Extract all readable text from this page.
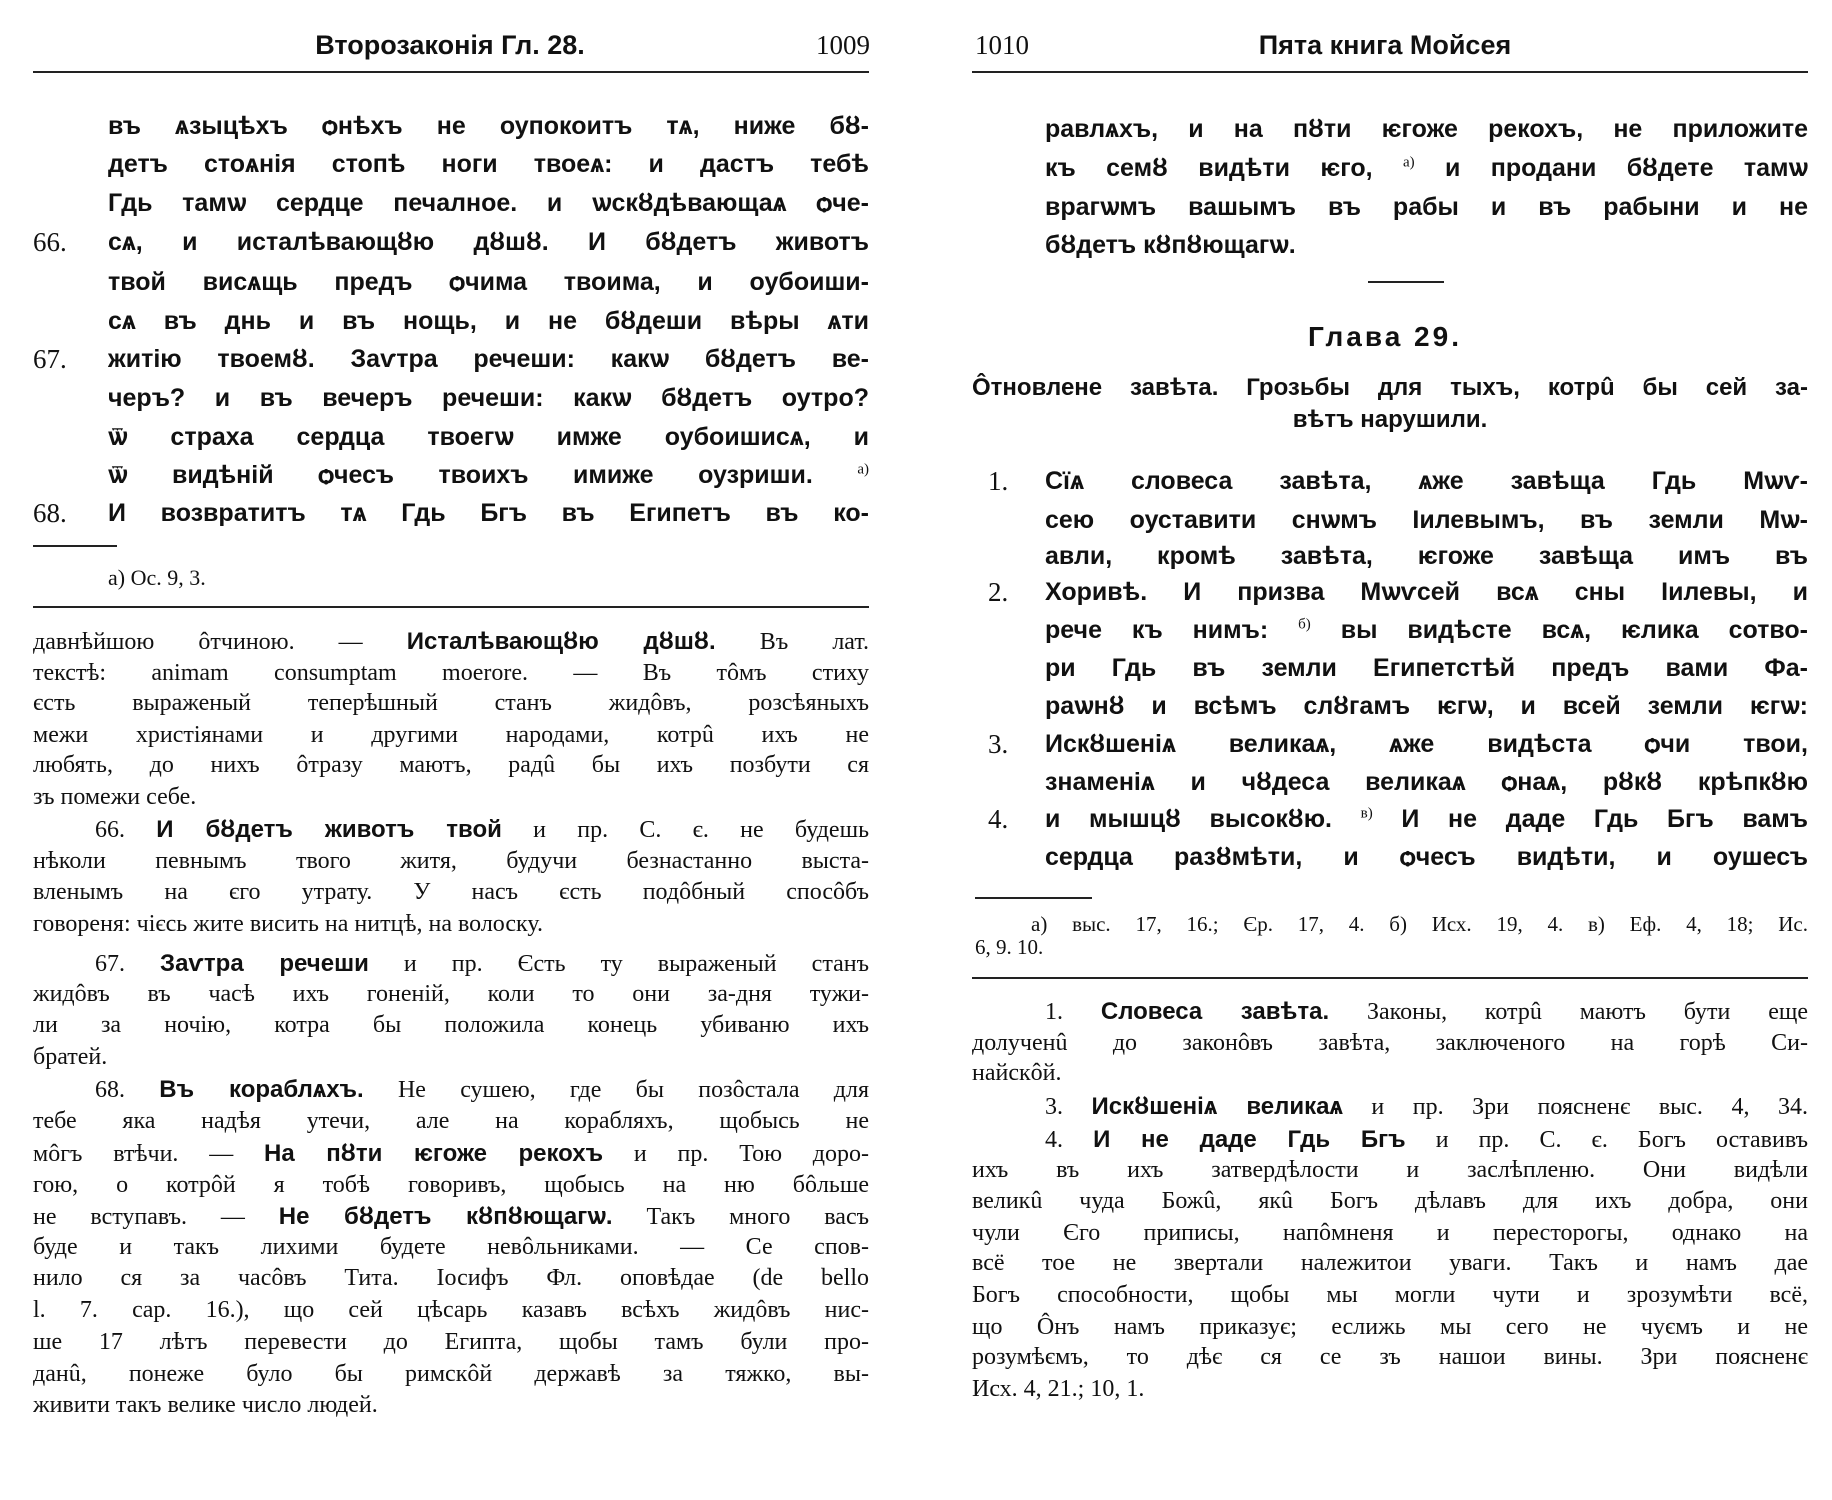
Второзаконія Гл. 28.	1009	1010	Пята книга Мойсея
а) Ос. 9, 3.
Глава 29.
въ ѧзыцѣхъ ѻнѣхъ не оупокоитъ тѧ, ниже бȣ-
детъ стоѧнія стопѣ ноги твоеѧ: и дастъ тебѣ
Гдь тамѡ сердце печалное. и ѡскȣдѣвающаѧ ѻче-
66. сѧ, и исталѣвающȣю дȣшȣ. И бȣдетъ животъ
твой висѧщь предъ ѻчима твоима, и оубоиши-
сѧ въ днь и въ нощь, и не бȣдеши вѣры ѧти
67. житію твоемȣ. Заѵтра речеши: какѡ бȣдетъ ве-
черъ? и въ вечеръ речеши: какѡ бȣдетъ оутро?
ѿ страха сердца твоегѡ имже оубоишисѧ, и
ѿ видѣній ѻчесъ твоихъ имиже оузриши. $^{а)}$
68. И возвратитъ тѧ Гдь Бгъ въ Египетъ въ ко-
давнѣйшою ôтчиною. — Исталѣвающȣю дȣшȣ. Въ лат.
текстѣ: animam consumptam moerore. — Въ тôмъ стиху
єсть выраженый теперѣшный станъ жидôвъ, розсѣяныхъ
межи христіянами и другими народами, котрû ихъ не
любять, до нихъ ôтразу маютъ, радû бы ихъ позбути ся
зъ помежи себе.
66. И бȣдетъ животъ твой и пр. С. є. не будешь
нѣколи певнымъ твого житя, будучи безнастанно выста-
вленымъ на єго утрату. У насъ єсть подôбный спосôбъ
говореня: чієсь жите висить на нитцѣ, на волоску.
67. Заѵтра речеши и пр. Єсть ту выраженый станъ
жидôвъ въ часѣ ихъ гоненій, коли то они за-дня тужи-
ли за ночію, котра бы положила конець убиваню ихъ
братей.
68. Въ кораблѧхъ. Не сушею, где бы позôстала для
тебе яка надѣя утечи, але на корабляхъ, щобысь не
мôгъ втѣчи. — На пȣти ѥгоже рекохъ и пр. Тою доро-
гою, о котрôй я тобѣ говоривъ, щобысь на ню бôльше
не вступавъ. — Не бȣдетъ кȣпȣющагѡ. Такъ много васъ
буде и такъ лихими будете невôльниками. — Се спов-
нило ся за часôвъ Тита. Іосифъ Фл. оповѣдае (de bello
l. 7. cap. 16.), що сей цѣсарь казавъ всѣхъ жидôвъ нис-
ше 17 лѣтъ перевести до Египта, щобы тамъ були про-
данû, понеже було бы римскôй державѣ за тяжко, вы-
живити такъ велике число людей.
равлѧхъ, и на пȣти ѥгоже рекохъ, не приложите
къ семȣ видѣти ѥго, $^{а)}$ и продани бȣдете тамѡ
врагѡмъ вашымъ въ рабы и въ рабыни и не
бȣдетъ кȣпȣющагѡ.
Ôтновлене завѣта. Грозьбы для тыхъ, котрû бы сей за-
вѣтъ нарушили.
1. Сїѧ словеса завѣта, ѧже завѣща Гдь Мѡѵ-
сею оуставити снѡмъ Іилевымъ, въ земли Мѡ-
авли, кромѣ завѣта, ѥгоже завѣща имъ въ
2. Хоривѣ. И призва Мѡѵсей всѧ сны Іилевы, и
рече къ нимъ: $^{б)}$ вы видѣсте всѧ, ѥлика сотво-
ри Гдь въ земли Египетстѣй предъ вами Фа-
раѡнȣ и всѣмъ слȣгамъ ѥгѡ, и всей земли ѥгѡ:
3. Искȣшеніѧ великаѧ, ѧже видѣста ѻчи твои,
знаменіѧ и чȣдеса великаѧ ѻнаѧ, рȣкȣ крѣпкȣю
4. и мышцȣ высокȣю. $^{в)}$ И не даде Гдь Бгъ вамъ
сердца разȣмѣти, и ѻчесъ видѣти, и оушесъ
а) выс. 17, 16.; Єр. 17, 4. б) Исх. 19, 4. в) Еф. 4, 18; Ис.
6, 9. 10.
1. Словеса завѣта. Законы, котрû маютъ бути еще
долученû до законôвъ завѣта, заключеного на горѣ Си-
найскôй.
3. Искȣшеніѧ великаѧ и пр. Зри поясненє выс. 4, 34.
4. И не даде Гдь Бгъ и пр. С. є. Богъ оставивъ
ихъ въ ихъ затвердѣлости и заслѣпленю. Они видѣли
великû чуда Божû, якû Богъ дѣлавъ для ихъ добра, они
чули Єго приписы, напôмненя и пересторогы, однако на
всё тое не звертали належитои уваги. Такъ и намъ дае
Богъ способности, щобы мы могли чути и зрозумѣти всё,
що Ôнъ намъ приказує; еслижь мы сего не чуємъ и не
розумѣємъ, то дѣє ся се зъ нашои вины. Зри поясненє
Исх. 4, 21.; 10, 1.
